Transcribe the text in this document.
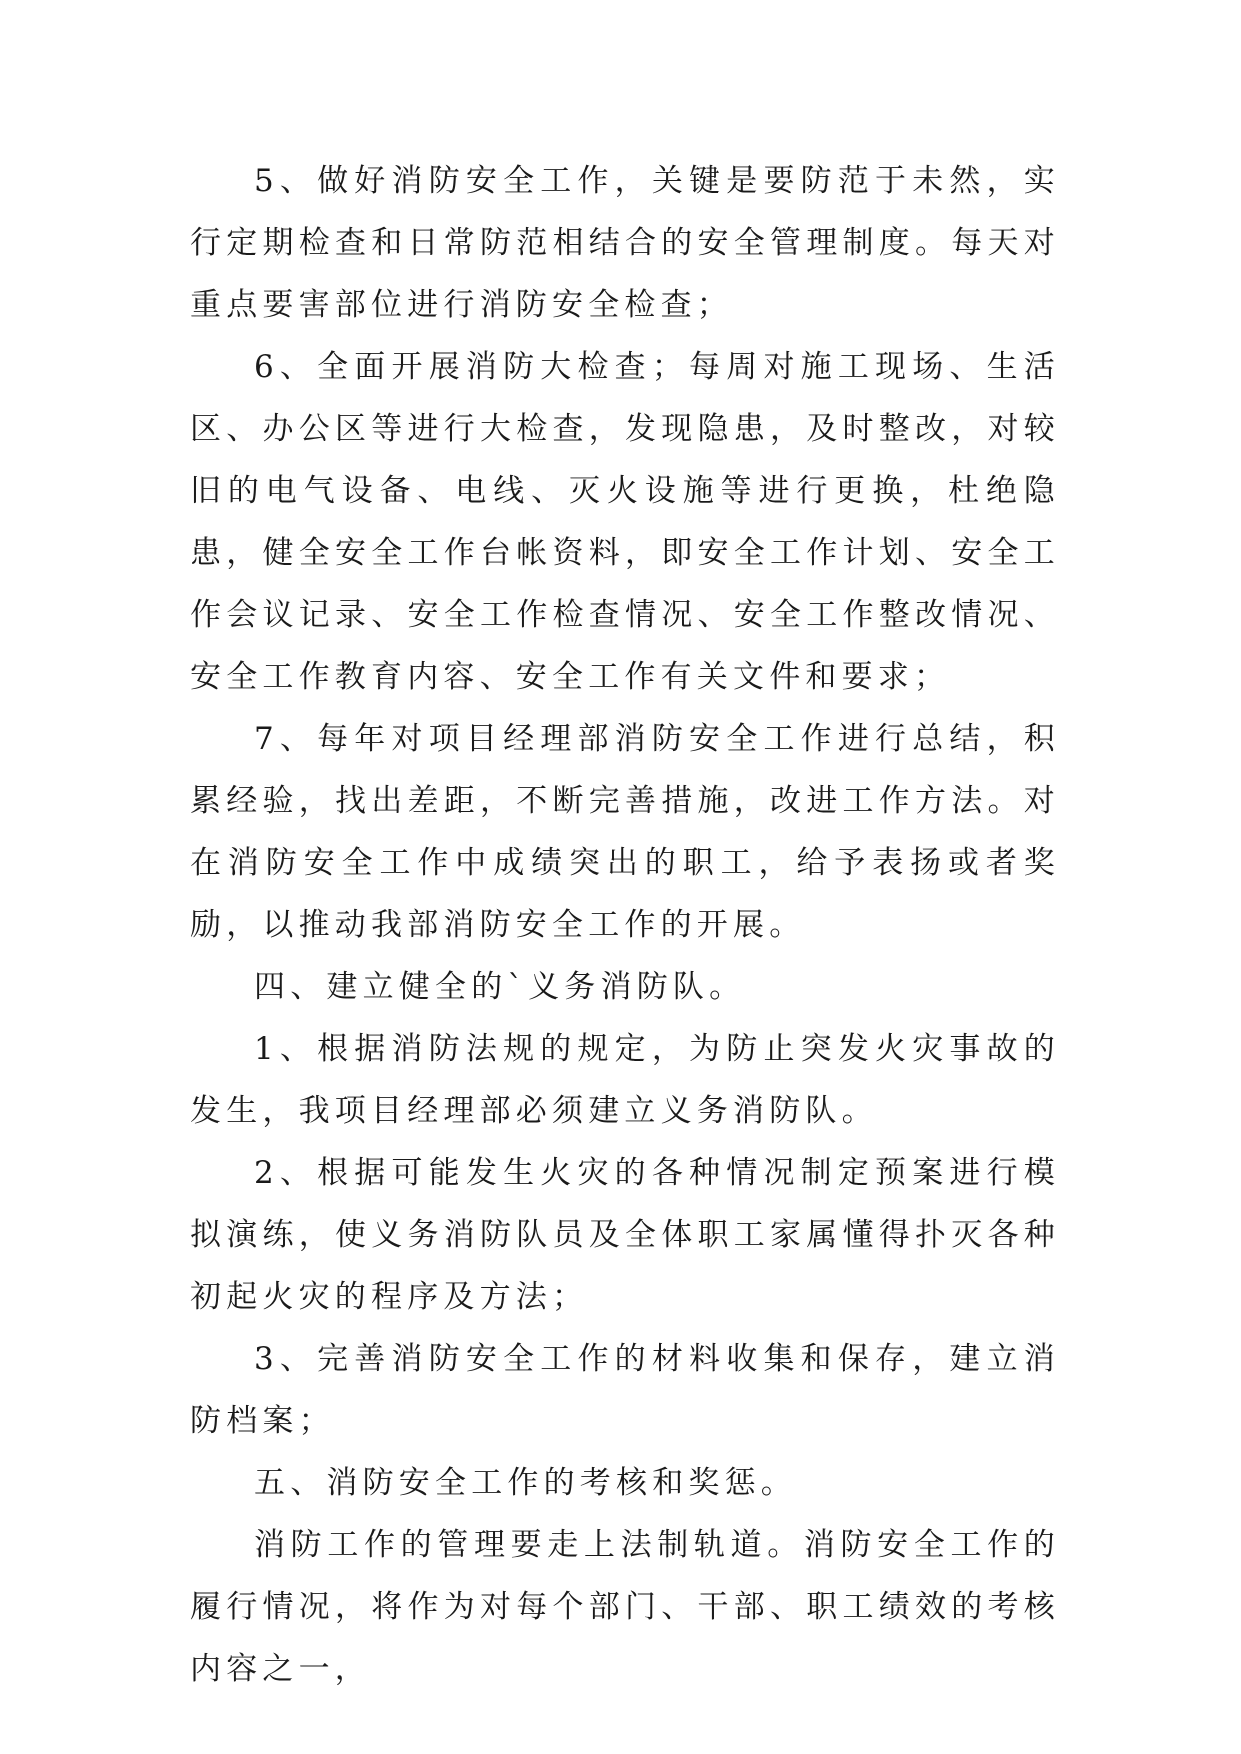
5、做好消防安全工作，关键是要防范于未然，实行定期检查和日常防范相结合的安全管理制度。每天对重点要害部位进行消防安全检查；

6、全面开展消防大检查；每周对施工现场、生活区、办公区等进行大检查，发现隐患，及时整改，对较旧的电气设备、电线、灭火设施等进行更换，杜绝隐患，健全安全工作台帐资料，即安全工作计划、安全工作会议记录、安全工作检查情况、安全工作整改情况、安全工作教育内容、安全工作有关文件和要求；

7、每年对项目经理部消防安全工作进行总结，积累经验，找出差距，不断完善措施，改进工作方法。对在消防安全工作中成绩突出的职工，给予表扬或者奖励，以推动我部消防安全工作的开展。

四、建立健全的`义务消防队。

1、根据消防法规的规定，为防止突发火灾事故的发生，我项目经理部必须建立义务消防队。

2、根据可能发生火灾的各种情况制定预案进行模拟演练，使义务消防队员及全体职工家属懂得扑灭各种初起火灾的程序及方法；

3、完善消防安全工作的材料收集和保存，建立消防档案；

五、消防安全工作的考核和奖惩。

消防工作的管理要走上法制轨道。消防安全工作的履行情况，将作为对每个部门、干部、职工绩效的考核内容之一，
